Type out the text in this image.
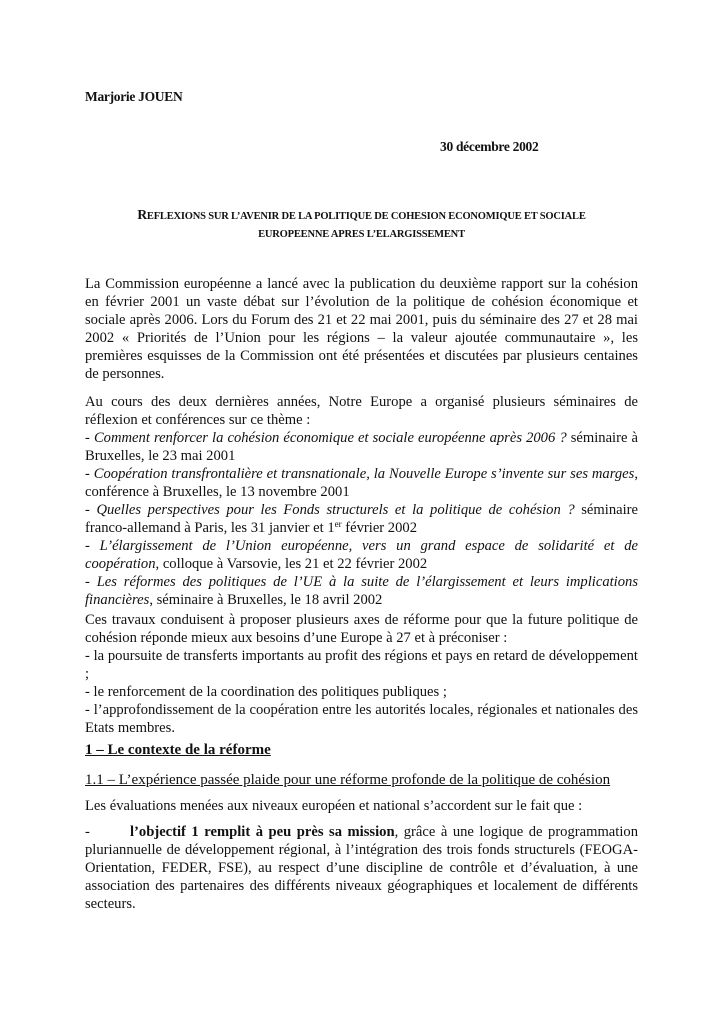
Marjorie JOUEN
30 décembre 2002
REFLEXIONS SUR L’AVENIR DE LA POLITIQUE DE COHESION ECONOMIQUE ET SOCIALE
EUROPEENNE APRES L’ELARGISSEMENT

La Commission européenne a lancé avec la publication du deuxième rapport sur la cohésion en février 2001 un vaste débat sur l’évolution de la politique de cohésion économique et sociale après 2006. Lors du Forum des 21 et 22 mai 2001, puis du séminaire des 27 et 28 mai 2002 « Priorités de l’Union pour les régions – la valeur ajoutée communautaire », les premières esquisses de la Commission ont été présentées et discutées par plusieurs centaines de personnes.

Au cours des deux dernières années, Notre Europe a organisé plusieurs séminaires de réflexion et conférences sur ce thème :

- Comment renforcer la cohésion économique et sociale européenne après 2006 ? séminaire à Bruxelles, le 23 mai 2001

- Coopération transfrontalière et transnationale, la Nouvelle Europe s’invente sur ses marges, conférence à Bruxelles, le 13 novembre 2001

- Quelles perspectives pour les Fonds structurels et la politique de cohésion ? séminaire franco-allemand à Paris, les 31 janvier et 1er février 2002

- L’élargissement de l’Union européenne, vers un grand espace de solidarité et de coopération, colloque à Varsovie, les 21 et 22 février 2002

- Les réformes des politiques de l’UE à la suite de l’élargissement et leurs implications financières, séminaire à Bruxelles, le 18 avril 2002

Ces travaux conduisent à proposer plusieurs axes de réforme pour que la future politique de cohésion réponde mieux aux besoins d’une Europe à 27 et à préconiser :

- la poursuite de transferts importants au profit des régions et pays en retard de développement ;

- le renforcement de la coordination des politiques publiques ;

- l’approfondissement de la coopération entre les autorités locales, régionales et nationales des Etats membres.

1 – Le contexte de la réforme
1.1 – L’expérience passée plaide pour une réforme profonde de la politique de cohésion

Les évaluations menées aux niveaux européen et national s’accordent sur le fait que :

-	l’objectif 1 remplit à peu près sa mission, grâce à une logique de programmation pluriannuelle de développement régional, à l’intégration des trois fonds structurels (FEOGA-Orientation, FEDER, FSE), au respect d’une discipline de contrôle et d’évaluation, à une association des partenaires des différents niveaux géographiques et localement de différents secteurs.
